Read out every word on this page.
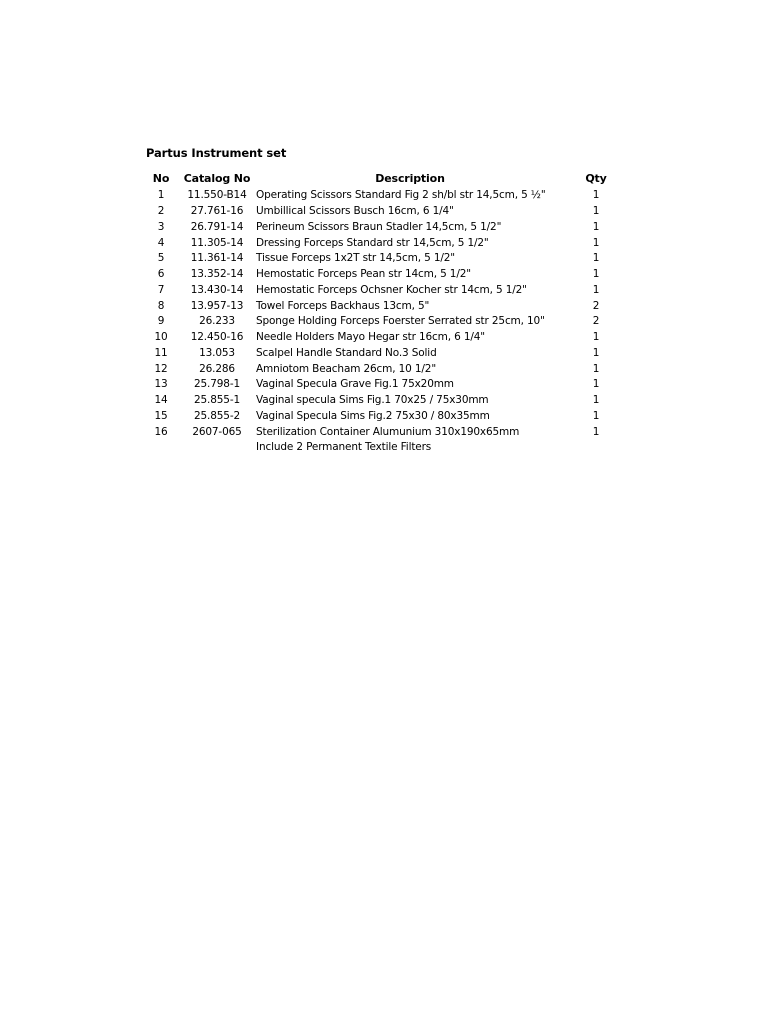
Partus Instrument set
No	Catalog No	Description		Qty
1	11.550-B14	Operating Scissors Standard Fig 2 sh/bl str 14,5cm, 5 ½"		1
2	27.761-16	Umbillical Scissors Busch 16cm, 6 1/4"		1
3	26.791-14	Perineum Scissors Braun Stadler 14,5cm, 5 1/2"		1
4	11.305-14	Dressing Forceps Standard str 14,5cm, 5 1/2"		1
5	11.361-14	Tissue Forceps 1x2T str 14,5cm, 5 1/2"		1
6	13.352-14	Hemostatic Forceps Pean str 14cm, 5 1/2"		1
7	13.430-14	Hemostatic Forceps Ochsner Kocher str 14cm, 5 1/2"		1
8	13.957-13	Towel Forceps Backhaus 13cm, 5"		2
9	26.233	Sponge Holding Forceps Foerster Serrated str 25cm, 10"		2
10	12.450-16	Needle Holders Mayo Hegar str 16cm, 6 1/4"		1
11	13.053	Scalpel Handle Standard No.3 Solid		1
12	26.286	Amniotom Beacham 26cm, 10 1/2"		1
13	25.798-1	Vaginal Specula Grave Fig.1 75x20mm		1
14	25.855-1	Vaginal specula Sims Fig.1 70x25 / 75x30mm		1
15	25.855-2	Vaginal Specula Sims Fig.2 75x30 / 80x35mm		1
16	2607-065	Sterilization Container Alumunium 310x190x65mm		1
		Include 2 Permanent Textile Filters		
